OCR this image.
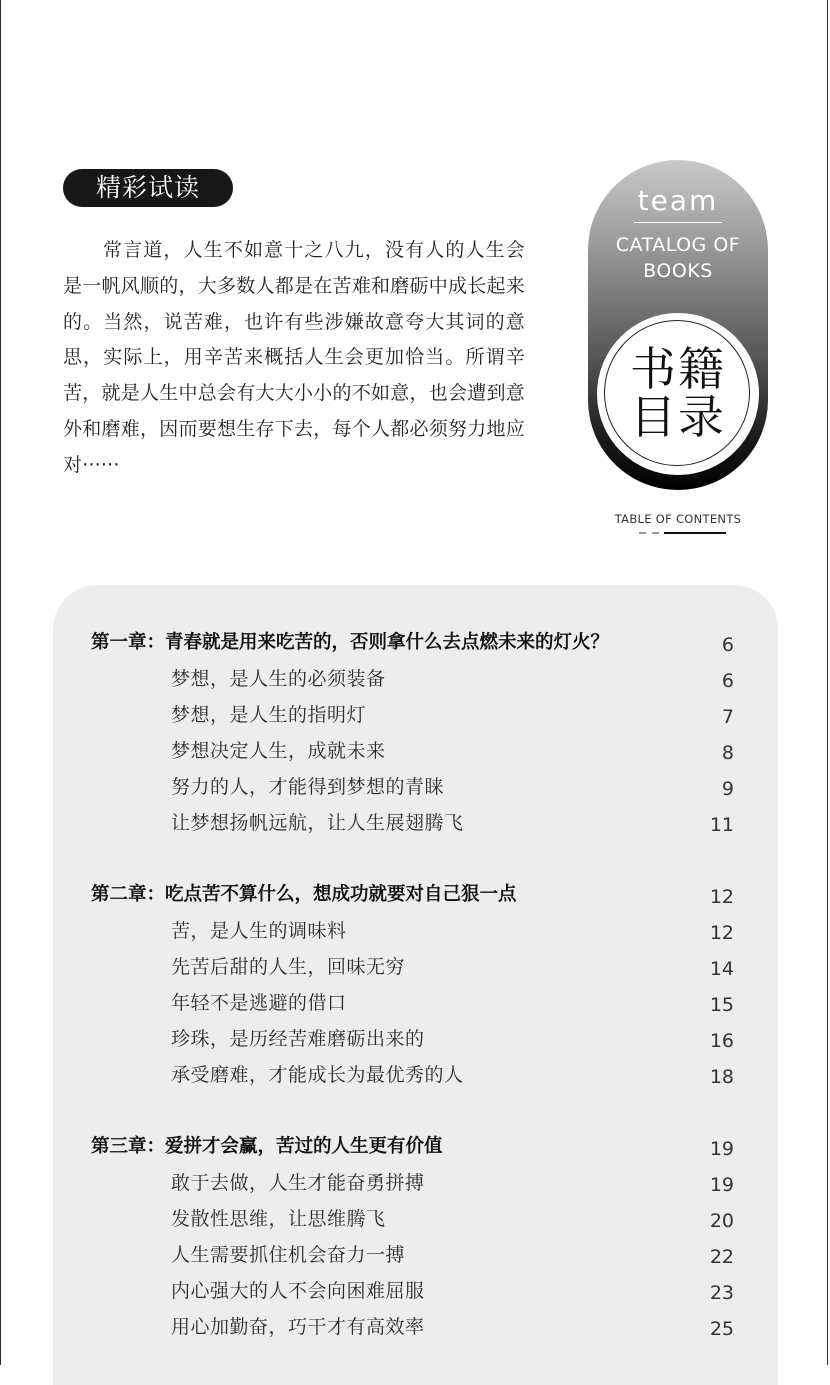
精彩试读

常言道，人生不如意十之八九，没有人的人生会是一帆风顺的，大多数人都是在苦难和磨砺中成长起来的。当然，说苦难，也许有些涉嫌故意夸大其词的意思，实际上，用辛苦来概括人生会更加恰当。所谓辛苦，就是人生中总会有大大小小的不如意，也会遭到意外和磨难，因而要想生存下去，每个人都必须努力地应对······

team
CATALOG OF
BOOKS
书籍
目录
TABLE OF CONTENTS
第一章：青春就是用来吃苦的，否则拿什么去点燃未来的灯火？	6
梦想，是人生的必须装备	6
梦想，是人生的指明灯	7
梦想决定人生，成就未来	8
努力的人，才能得到梦想的青睐	9
让梦想扬帆远航，让人生展翅腾飞	11
第二章：吃点苦不算什么，想成功就要对自己狠一点	12
苦，是人生的调味料	12
先苦后甜的人生，回味无穷	14
年轻不是逃避的借口	15
珍珠，是历经苦难磨砺出来的	16
承受磨难，才能成长为最优秀的人	18
第三章：爱拼才会赢，苦过的人生更有价值	19
敢于去做，人生才能奋勇拼搏	19
发散性思维，让思维腾飞	20
人生需要抓住机会奋力一搏	22
内心强大的人不会向困难屈服	23
用心加勤奋，巧干才有高效率	25
